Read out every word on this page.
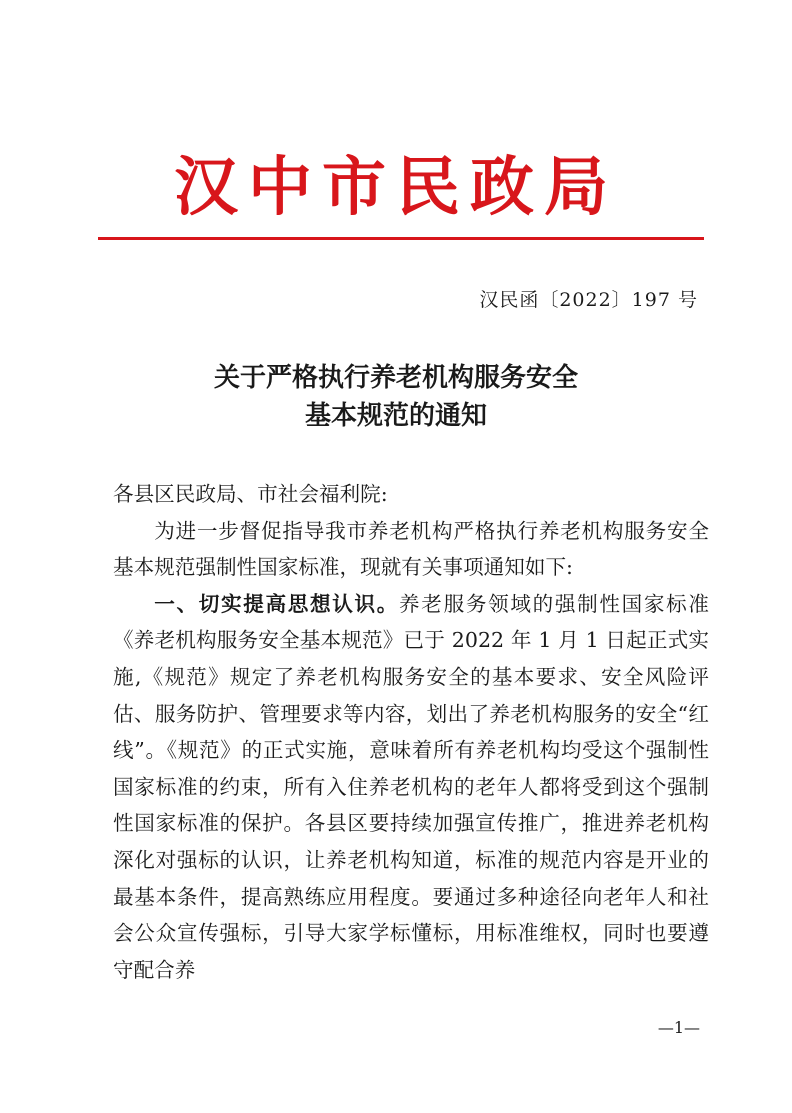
汉中市民政局
汉民函〔2022〕197 号
关于严格执行养老机构服务安全
基本规范的通知

各县区民政局、市社会福利院:

为进一步督促指导我市养老机构严格执行养老机构服务安全基本规范强制性国家标准，现就有关事项通知如下:

一、切实提高思想认识。养老服务领域的强制性国家标准《养老机构服务安全基本规范》已于 2022 年 1 月 1 日起正式实施,《规范》规定了养老机构服务安全的基本要求、安全风险评估、服务防护、管理要求等内容，划出了养老机构服务的安全“红线”。《规范》的正式实施，意味着所有养老机构均受这个强制性国家标准的约束，所有入住养老机构的老年人都将受到这个强制性国家标准的保护。各县区要持续加强宣传推广，推进养老机构深化对强标的认识，让养老机构知道，标准的规范内容是开业的最基本条件，提高熟练应用程度。要通过多种途径向老年人和社会公众宣传强标，引导大家学标懂标，用标准维权，同时也要遵守配合养

—1—
